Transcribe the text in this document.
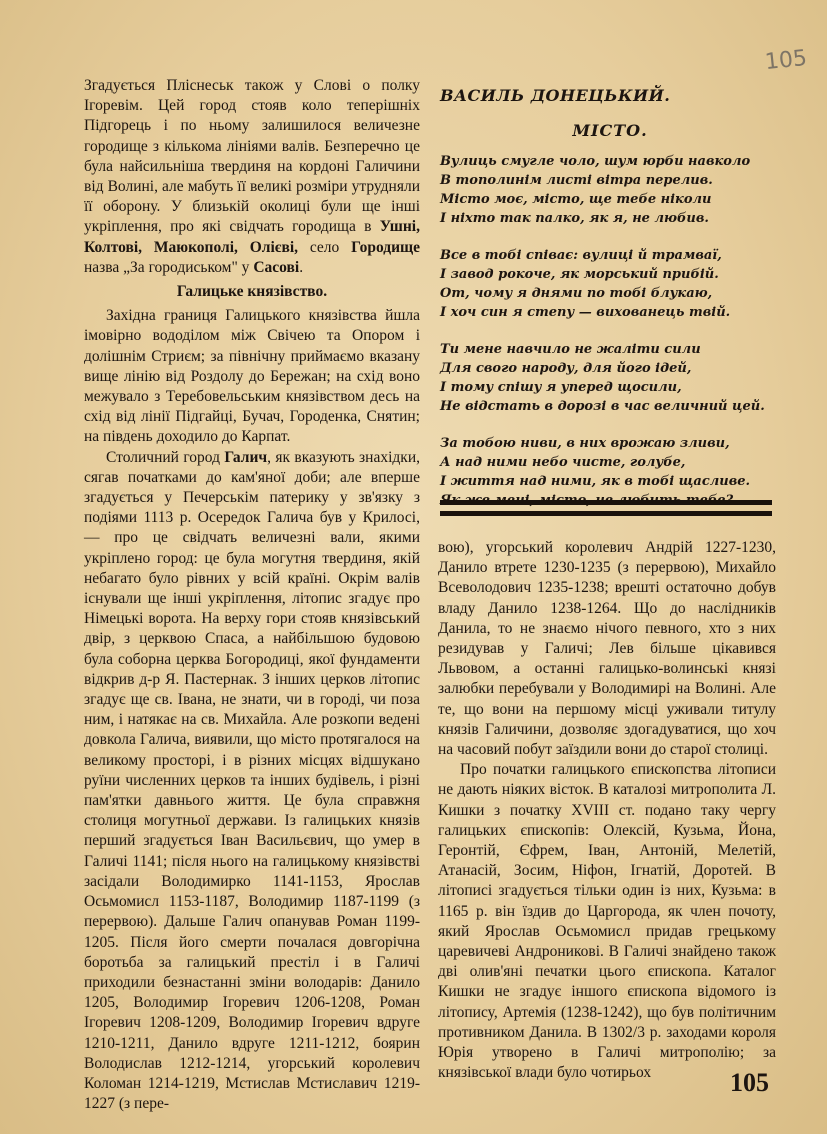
105

Згадується Пліснеськ також у Слові о полку Ігоревім. Цей город стояв коло теперішніх Підгорець і по ньому залишилося величезне городище з кількома лініями валів. Безперечно це була найсильніша твердиня на кордоні Галичини від Волині, але мабуть її великі розміри утрудняли її оборону. У близькій околиці були ще інші укріплення, про які свідчать городища в Ушні, Колтові, Маюкополі, Олієві, село Городище назва „За городиськом" у Сасові.

Галицьке князівство.

Західна границя Галицького князівства йшла імовірно вододілом між Свічею та Опором і долішнім Стриєм; за північну приймаємо вказану вище лінію від Роздолу до Бережан; на схід воно межувало з Теребовельським князівством десь на схід від лінії Підгайці, Бучач, Городенка, Снятин; на південь доходило до Карпат.

Столичний город Галич, як вказують знахідки, сягав початками до кам'яної доби; але вперше згадується у Печерськім патерику у зв'язку з подіями 1113 р. Осередок Галича був у Крилосі, — про це свідчать величезні вали, якими укріплено город: це була могутня твердиня, якій небагато було рівних у всій країні. Окрім валів існували ще інші укріплення, літопис згадує про Німецькі ворота. На верху гори стояв князівський двір, з церквою Спаса, а найбільшою будовою була соборна церква Богородиці, якої фундаменти відкрив д-р Я. Пастернак. З інших церков літопис згадує ще св. Івана, не знати, чи в городі, чи поза ним, і натякає на св. Михайла. Але розкопи ведені довкола Галича, виявили, що місто протягалося на великому просторі, і в різних місцях відшукано руїни численних церков та інших будівель, і різні пам'ятки давнього життя. Це була справжня столиця могутньої держави. Із галицьких князів перший згадується Іван Васильєвич, що умер в Галичі 1141; після нього на галицькому князівстві засідали Володимирко 1141-1153, Ярослав Осьмомисл 1153-1187, Володимир 1187-1199 (з перервою). Дальше Галич опанував Роман 1199-1205. Після його смерти почалася довгорічна боротьба за галицький престіл і в Галичі приходили безнастанні зміни володарів: Данило 1205, Володимир Ігоревич 1206-1208, Роман Ігоревич 1208-1209, Володимир Ігоревич вдруге 1210-1211, Данило вдруге 1211-1212, боярин Володислав 1212-1214, угорський королевич Коломан 1214-1219, Мстислав Мстиславич 1219-1227 (з пере-

ВАСИЛЬ ДОНЕЦЬКИЙ.
МІСТО.
Вулиць смугле чоло, шум юрби навколо
В тополинім листі вітра перелив.
Місто моє, місто, ще тебе ніколи
І ніхто так палко, як я, не любив.
Все в тобі співає: вулиці й трамваї,
І завод рокоче, як морський прибій.
От, чому я днями по тобі блукаю,
І хоч син я степу — вихованець твій.
Ти мене навчило не жаліти сили
Для свого народу, для його ідей,
І тому спішу я уперед щосили,
Не відстать в дорозі в час величний цей.
За тобою ниви, в них врожаю зливи,
А над ними небо чисте, голубе,
І життя над ними, як в тобі щасливе.

вою), угорський королевич Андрій 1227-1230, Данило втрете 1230-1235 (з перервою), Михайло Всеволодович 1235-1238; врешті остаточно добув владу Данило 1238-1264. Що до наслідників Данила, то не знаємо нічого певного, хто з них резидував у Галичі; Лев більше цікавився Львовом, а останні галицько-волинські князі залюбки перебували у Володимирі на Волині. Але те, що вони на першому місці уживали титулу князів Галичини, дозволяє здогадуватися, що хоч на часовий побут заїздили вони до старої столиці.

Про початки галицького єпископства літописи не дають ніяких вісток. В каталозі митрополита Л. Кишки з початку XVIII ст. подано таку чергу галицьких єпископів: Олексій, Кузьма, Йона, Геронтій, Єфрем, Іван, Антоній, Мелетій, Атанасій, Зосим, Ніфон, Ігнатій, Доротей. В літописі згадується тільки один із них, Кузьма: в 1165 р. він їздив до Царгорода, як член почоту, який Ярослав Осьмомисл придав грецькому царевичеві Андроникові. В Галичі знайдено також дві олив'яні печатки цього єпископа. Каталог Кишки не згадує іншого єпископа відомого із літопису, Артемія (1238-1242), що був політичним противником Данила. В 1302/3 р. заходами короля Юрія утворено в Галичі митрополію; за князівської влади було чотирьох	105
